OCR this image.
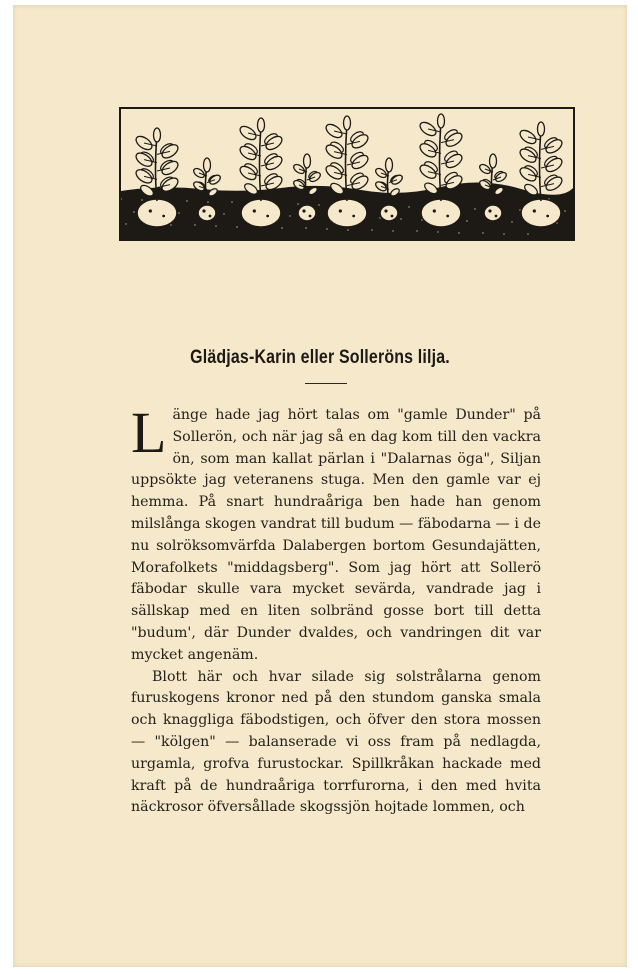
Glädjas-Karin eller Solleröns lilja.

Länge hade jag hört talas om "gamle Dunder" på Sollerön, och när jag så en dag kom till den vackra ön, som man kallat pärlan i "Dalarnas öga", Siljan uppsökte jag veteranens stuga. Men den gamle var ej hemma. På snart hundraåriga ben hade han genom milslånga skogen vandrat till budum — fäbodarna — i de nu solröksomvärfda Dalabergen bortom Gesundajätten, Morafolkets "middagsberg". Som jag hört att Sollerö fäbodar skulle vara mycket sevärda, vandrade jag i sällskap med en liten solbränd gosse bort till detta "budum', där Dunder dvaldes, och vandringen dit var mycket angenäm.

Blott här och hvar silade sig solstrålarna genom furuskogens kronor ned på den stundom ganska smala och knaggliga fäbodstigen, och öfver den stora mossen — "kölgen" — balanserade vi oss fram på nedlagda, urgamla, grofva furustockar. Spillkråkan hackade med kraft på de hundraåriga torrfurorna, i den med hvita näckrosor öfversållade skogssjön hojtade lommen, och
